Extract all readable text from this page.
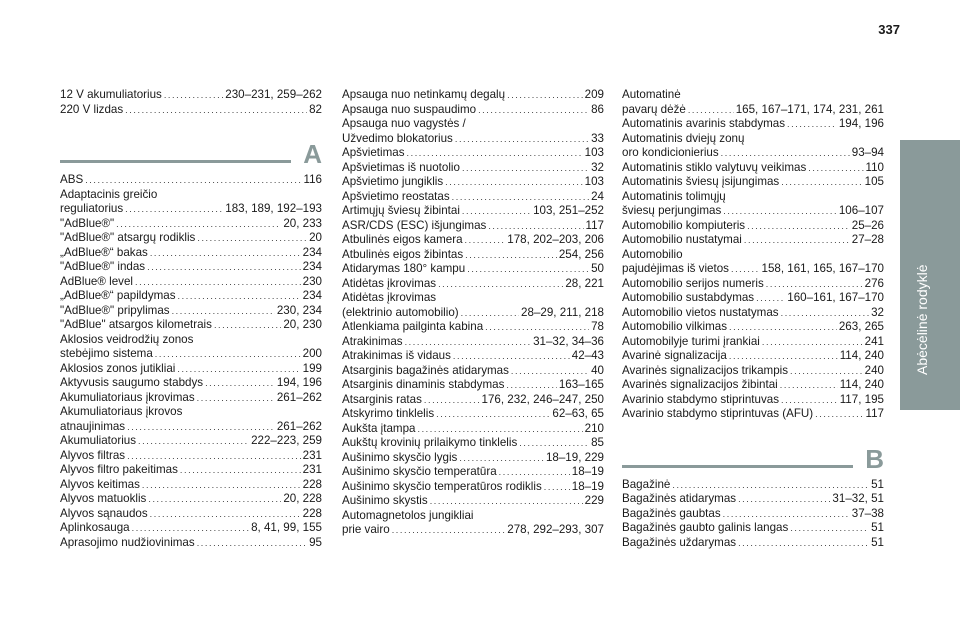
337
Abėcėlinė rodyklė
12 V akumuliatorius .....	230–231, 259–262
220 V lizdas .....	82
A
ABS .....	116
Adaptacinis greičio
reguliatorius .....	183, 189, 192–193
"AdBlue®" .....	20, 233
"AdBlue®" atsargų rodiklis .....	20
„AdBlue®“ bakas .....	234
"AdBlue®" indas .....	234
AdBlue® level .....	230
„AdBlue®“ papildymas .....	234
"AdBlue®" pripylimas .....	230, 234
"AdBlue" atsargos kilometrais .....	20, 230
Aklosios veidrodžių zonos
stebėjimo sistema .....	200
Aklosios zonos jutikliai .....	199
Aktyvusis saugumo stabdys .....	194, 196
Akumuliatoriaus įkrovimas .....	261–262
Akumuliatoriaus įkrovos
atnaujinimas .....	261–262
Akumuliatorius .....	222–223, 259
Alyvos filtras .....	231
Alyvos filtro pakeitimas .....	231
Alyvos keitimas .....	228
Alyvos matuoklis .....	20, 228
Alyvos sąnaudos .....	228
Aplinkosauga .....	8, 41, 99, 155
Aprasojimo nudžiovinimas .....	95
Apsauga nuo netinkamų degalų .....	209
Apsauga nuo suspaudimo .....	86
Apsauga nuo vagystės /
Užvedimo blokatorius .....	33
Apšvietimas .....	103
Apšvietimas iš nuotolio .....	32
Apšvietimo jungiklis .....	103
Apšvietimo reostatas .....	24
Artimųjų šviesų žibintai .....	103, 251–252
ASR/CDS (ESC) išjungimas .....	117
Atbulinės eigos kamera .....	178, 202–203, 206
Atbulinės eigos žibintas .....	254, 256
Atidarymas 180° kampu .....	50
Atidėtas įkrovimas .....	28, 221
Atidėtas įkrovimas
(elektrinio automobilio) .....	28–29, 211, 218
Atlenkiama pailginta kabina .....	78
Atrakinimas .....	31–32, 34–36
Atrakinimas iš vidaus .....	42–43
Atsarginis bagažinės atidarymas .....	40
Atsarginis dinaminis stabdymas .....	163–165
Atsarginis ratas .....	176, 232, 246–247, 250
Atskyrimo tinklelis .....	62–63, 65
Aukšta įtampa .....	210
Aukštų krovinių prilaikymo tinklelis .....	85
Aušinimo skysčio lygis .....	18–19, 229
Aušinimo skysčio temperatūra .....	18–19
Aušinimo skysčio temperatūros rodiklis .....	18–19
Aušinimo skystis .....	229
Automagnetolos jungikliai
prie vairo .....	278, 292–293, 307
Automatinė
pavarų dėžė .....	165, 167–171, 174, 231, 261
Automatinis avarinis stabdymas .....	194, 196
Automatinis dviejų zonų
oro kondicionierius .....	93–94
Automatinis stiklo valytuvų veikimas .....	110
Automatinis šviesų įsijungimas .....	105
Automatinis tolimųjų
šviesų perjungimas .....	106–107
Automobilio kompiuteris .....	25–26
Automobilio nustatymai .....	27–28
Automobilio
pajudėjimas iš vietos .....	158, 161, 165, 167–170
Automobilio serijos numeris .....	276
Automobilio sustabdymas .....	160–161, 167–170
Automobilio vietos nustatymas .....	32
Automobilio vilkimas .....	263, 265
Automobilyje turimi įrankiai .....	241
Avarinė signalizacija .....	114, 240
Avarinės signalizacijos trikampis .....	240
Avarinės signalizacijos žibintai .....	114, 240
Avarinio stabdymo stiprintuvas .....	117, 195
Avarinio stabdymo stiprintuvas (AFU) .....	117
B
Bagažinė .....	51
Bagažinės atidarymas .....	31–32, 51
Bagažinės gaubtas .....	37–38
Bagažinės gaubto galinis langas .....	51
Bagažinės uždarymas .....	51
